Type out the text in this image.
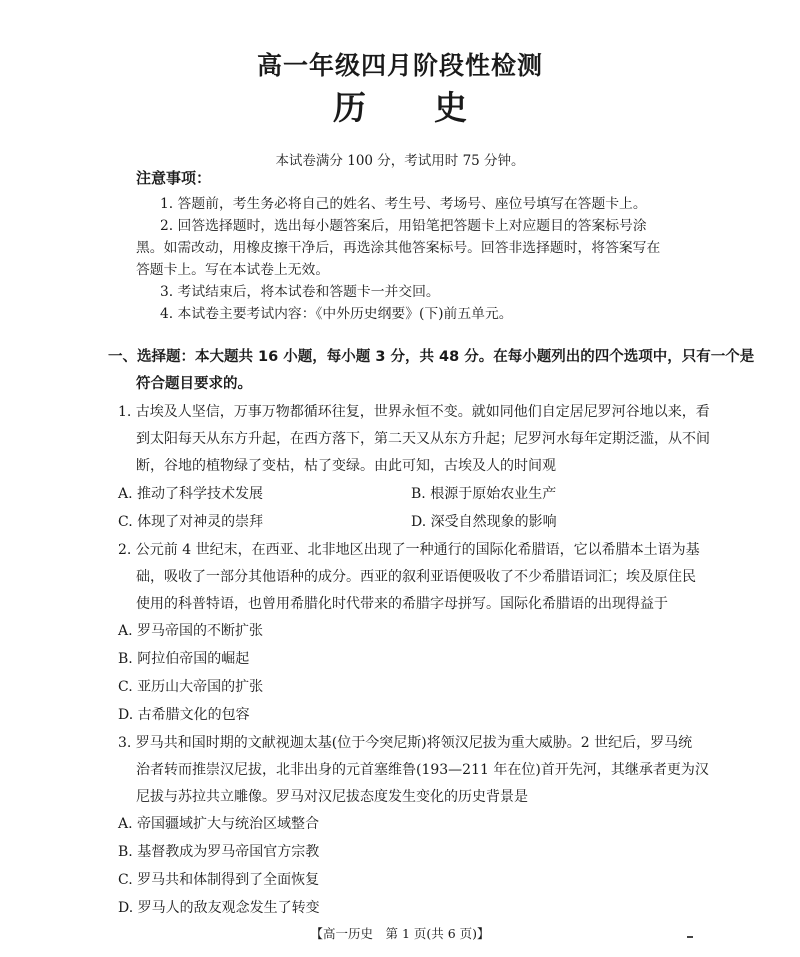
高一年级四月阶段性检测
历 史
本试卷满分 100 分，考试用时 75 分钟。
注意事项：
1. 答题前，考生务必将自己的姓名、考生号、考场号、座位号填写在答题卡上。
2. 回答选择题时，选出每小题答案后，用铅笔把答题卡上对应题目的答案标号涂
黑。如需改动，用橡皮擦干净后，再选涂其他答案标号。回答非选择题时，将答案写在
答题卡上。写在本试卷上无效。
3. 考试结束后，将本试卷和答题卡一并交回。
4. 本试卷主要考试内容：《中外历史纲要》(下)前五单元。
一、选择题：本大题共 16 小题，每小题 3 分，共 48 分。在每小题列出的四个选项中，只有一个是
符合题目要求的。
1. 古埃及人坚信，万事万物都循环往复，世界永恒不变。就如同他们自定居尼罗河谷地以来，看
到太阳每天从东方升起，在西方落下，第二天又从东方升起；尼罗河水每年定期泛滥，从不间
断，谷地的植物绿了变枯，枯了变绿。由此可知，古埃及人的时间观
A. 推动了科学技术发展	B. 根源于原始农业生产
C. 体现了对神灵的崇拜	D. 深受自然现象的影响
2. 公元前 4 世纪末，在西亚、北非地区出现了一种通行的国际化希腊语，它以希腊本土语为基
础，吸收了一部分其他语种的成分。西亚的叙利亚语便吸收了不少希腊语词汇；埃及原住民
使用的科普特语，也曾用希腊化时代带来的希腊字母拼写。国际化希腊语的出现得益于
A. 罗马帝国的不断扩张
B. 阿拉伯帝国的崛起
C. 亚历山大帝国的扩张
D. 古希腊文化的包容
3. 罗马共和国时期的文献视迦太基(位于今突尼斯)将领汉尼拔为重大威胁。2 世纪后，罗马统
治者转而推崇汉尼拔，北非出身的元首塞维鲁(193—211 年在位)首开先河，其继承者更为汉
尼拔与苏拉共立雕像。罗马对汉尼拔态度发生变化的历史背景是
A. 帝国疆域扩大与统治区域整合
B. 基督教成为罗马帝国官方宗教
C. 罗马共和体制得到了全面恢复
D. 罗马人的敌友观念发生了转变
【高一历史　第 1 页(共 6 页)】
